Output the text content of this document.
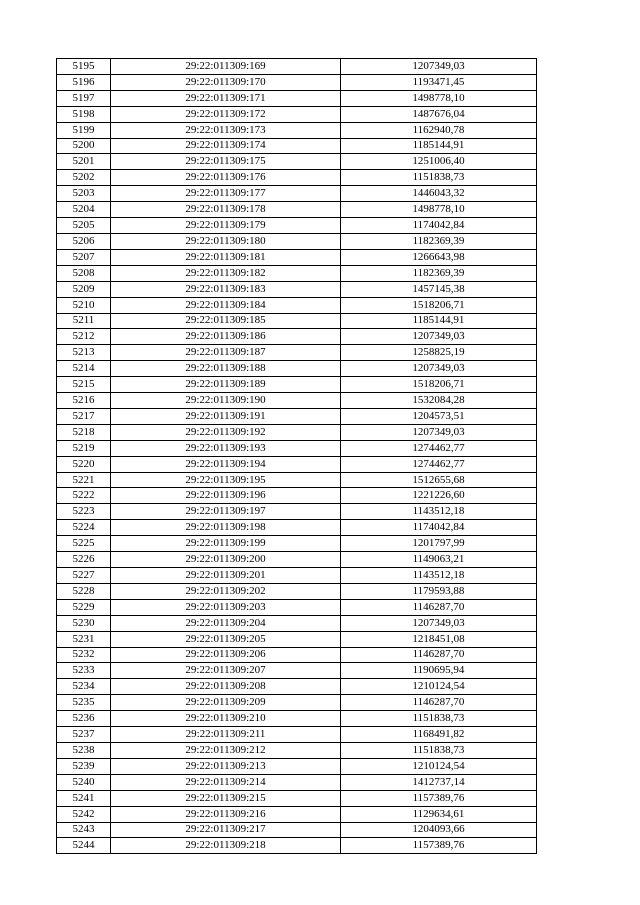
5195	29:22:011309:169	1207349,03
5196	29:22:011309:170	1193471,45
5197	29:22:011309:171	1498778,10
5198	29:22:011309:172	1487676,04
5199	29:22:011309:173	1162940,78
5200	29:22:011309:174	1185144,91
5201	29:22:011309:175	1251006,40
5202	29:22:011309:176	1151838,73
5203	29:22:011309:177	1446043,32
5204	29:22:011309:178	1498778,10
5205	29:22:011309:179	1174042,84
5206	29:22:011309:180	1182369,39
5207	29:22:011309:181	1266643,98
5208	29:22:011309:182	1182369,39
5209	29:22:011309:183	1457145,38
5210	29:22:011309:184	1518206,71
5211	29:22:011309:185	1185144,91
5212	29:22:011309:186	1207349,03
5213	29:22:011309:187	1258825,19
5214	29:22:011309:188	1207349,03
5215	29:22:011309:189	1518206,71
5216	29:22:011309:190	1532084,28
5217	29:22:011309:191	1204573,51
5218	29:22:011309:192	1207349,03
5219	29:22:011309:193	1274462,77
5220	29:22:011309:194	1274462,77
5221	29:22:011309:195	1512655,68
5222	29:22:011309:196	1221226,60
5223	29:22:011309:197	1143512,18
5224	29:22:011309:198	1174042,84
5225	29:22:011309:199	1201797,99
5226	29:22:011309:200	1149063,21
5227	29:22:011309:201	1143512,18
5228	29:22:011309:202	1179593,88
5229	29:22:011309:203	1146287,70
5230	29:22:011309:204	1207349,03
5231	29:22:011309:205	1218451,08
5232	29:22:011309:206	1146287,70
5233	29:22:011309:207	1190695,94
5234	29:22:011309:208	1210124,54
5235	29:22:011309:209	1146287,70
5236	29:22:011309:210	1151838,73
5237	29:22:011309:211	1168491,82
5238	29:22:011309:212	1151838,73
5239	29:22:011309:213	1210124,54
5240	29:22:011309:214	1412737,14
5241	29:22:011309:215	1157389,76
5242	29:22:011309:216	1129634,61
5243	29:22:011309:217	1204093,66
5244	29:22:011309:218	1157389,76
